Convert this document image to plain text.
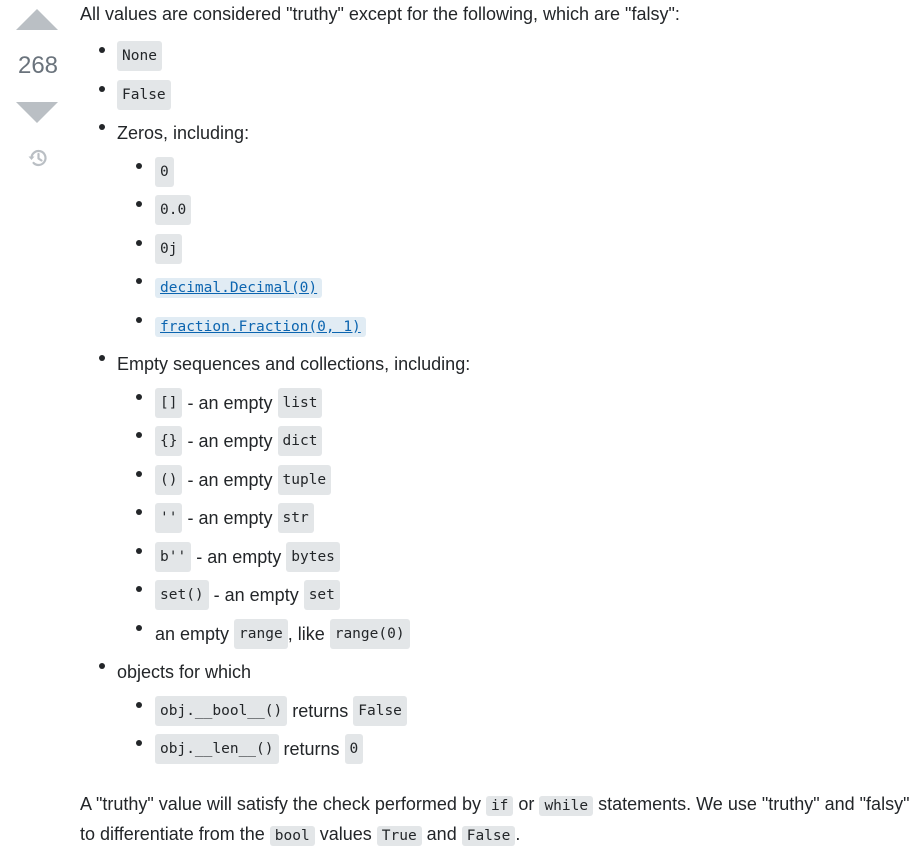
268

All values are considered "truthy" except for the following, which are "falsy":

None
False
Zeros, including:
0
0.0
0j
decimal.Decimal(0)
fraction.Fraction(0, 1)
Empty sequences and collections, including:
[] - an empty list
{} - an empty dict
() - an empty tuple
'' - an empty str
b'' - an empty bytes
set() - an empty set
an empty range , like range(0)
objects for which
obj.__bool__() returns False
obj.__len__() returns 0

A "truthy" value will satisfy the check performed by if or while statements. We use "truthy" and "falsy" to differentiate from the bool values True and False .
